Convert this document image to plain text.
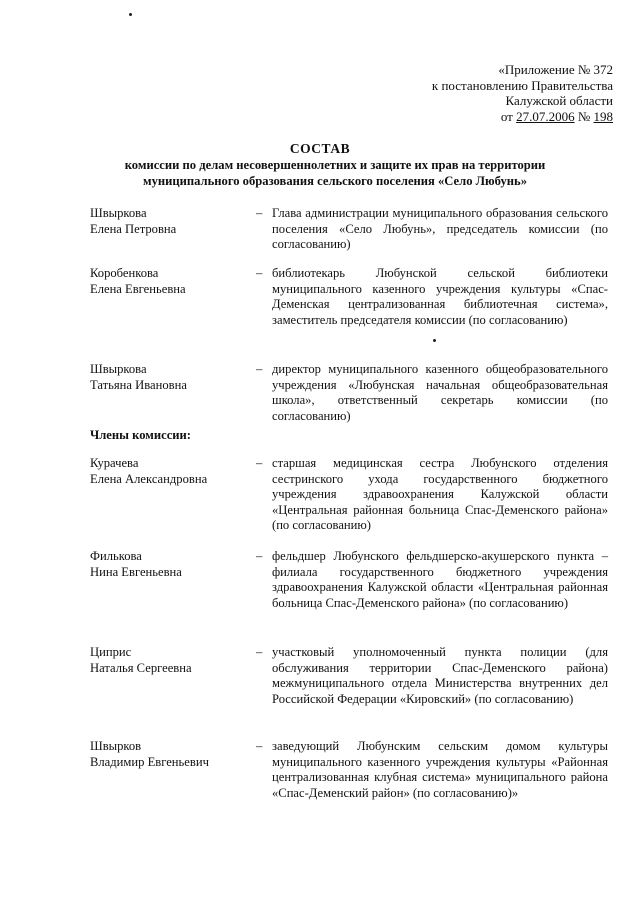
«Приложение № 372
к постановлению Правительства
Калужской области
от 27.07.2006 № 198
СОСТАВ
комиссии по делам несовершеннолетних и защите их прав на территории муниципального образования сельского поселения «Село Любунь»
Швыркова
Елена Петровна
– Глава администрации муниципального образования сельского поселения «Село Любунь», председатель комиссии (по согласованию)
Коробенкова
Елена Евгеньевна
– библиотекарь Любунской сельской библиотеки муниципального казенного учреждения культуры «Спас-Деменская централизованная библиотечная система», заместитель председателя комиссии (по согласованию)
Швыркова
Татьяна Ивановна
– директор муниципального казенного общеобразовательного учреждения «Любунская начальная общеобразовательная школа», ответственный секретарь комиссии (по согласованию)
Члены комиссии:
Курачева
Елена Александровна
– старшая медицинская сестра Любунского отделения сестринского ухода государственного бюджетного учреждения здравоохранения Калужской области «Центральная районная больница Спас-Деменского района» (по согласованию)
Филькова
Нина Евгеньевна
– фельдшер Любунского фельдшерско-акушерского пункта – филиала государственного бюджетного учреждения здравоохранения Калужской области «Центральная районная больница Спас-Деменского района» (по согласованию)
Циприс
Наталья Сергеевна
– участковый уполномоченный пункта полиции (для обслуживания территории Спас-Деменского района) межмуниципального отдела Министерства внутренних дел Российской Федерации «Кировский» (по согласованию)
Швырков
Владимир Евгеньевич
– заведующий Любунским сельским домом культуры муниципального казенного учреждения культуры «Районная централизованная клубная система» муниципального района «Спас-Деменский район» (по согласованию)»
